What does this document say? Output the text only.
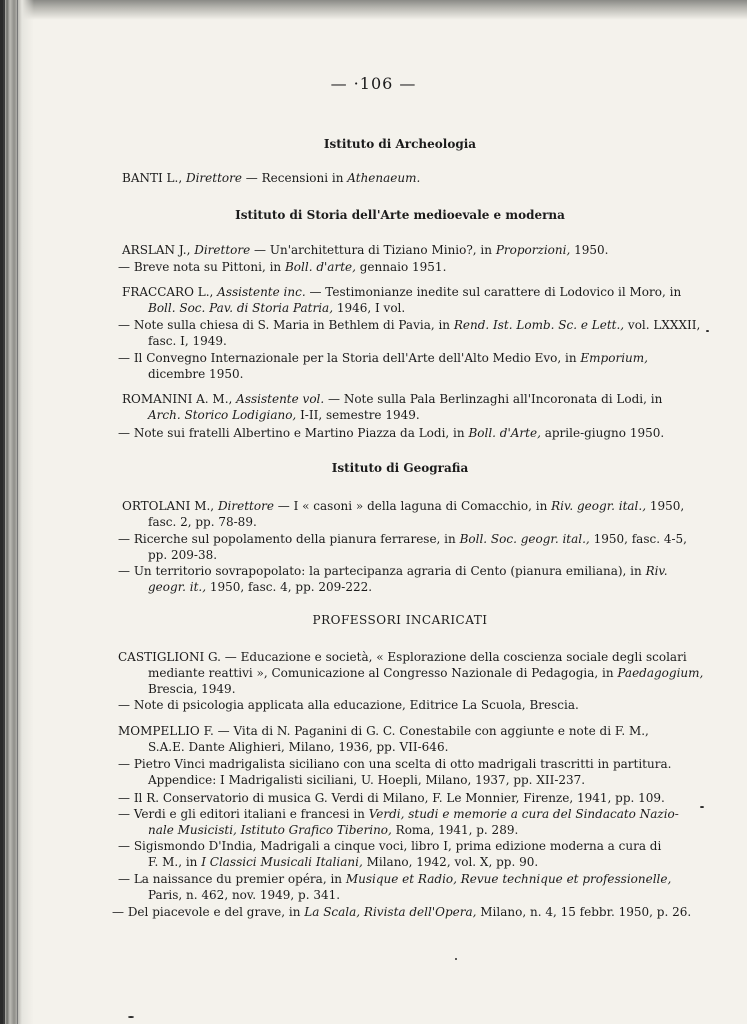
— ·106 —
Istituto di Archeologia
BANTI L., Direttore — Recensioni in Athenaeum.
Istituto di Storia dell'Arte medioevale e moderna
ARSLAN J., Direttore — Un'architettura di Tiziano Minio?, in Proporzioni, 1950.
— Breve nota su Pittoni, in Boll. d'arte, gennaio 1951.
FRACCARO L., Assistente inc. — Testimonianze inedite sul carattere di Lodovico il Moro, in
Boll. Soc. Pav. di Storia Patria, 1946, I vol.
— Note sulla chiesa di S. Maria in Bethlem di Pavia, in Rend. Ist. Lomb. Sc. e Lett., vol. LXXXII,
fasc. I, 1949.
— Il Convegno Internazionale per la Storia dell'Arte dell'Alto Medio Evo, in Emporium,
dicembre 1950.
ROMANINI A. M., Assistente vol. — Note sulla Pala Berlinzaghi all'Incoronata di Lodi, in
Arch. Storico Lodigiano, I-II, semestre 1949.
— Note sui fratelli Albertino e Martino Piazza da Lodi, in Boll. d'Arte, aprile-giugno 1950.
Istituto di Geografia
ORTOLANI M., Direttore — I « casoni » della laguna di Comacchio, in Riv. geogr. ital., 1950,
fasc. 2, pp. 78-89.
— Ricerche sul popolamento della pianura ferrarese, in Boll. Soc. geogr. ital., 1950, fasc. 4-5,
pp. 209-38.
— Un territorio sovrapopolato: la partecipanza agraria di Cento (pianura emiliana), in Riv.
geogr. it., 1950, fasc. 4, pp. 209-222.
PROFESSORI INCARICATI
CASTIGLIONI G. — Educazione e società, « Esplorazione della coscienza sociale degli scolari
mediante reattivi », Comunicazione al Congresso Nazionale di Pedagogia, in Paedagogium,
Brescia, 1949.
— Note di psicologia applicata alla educazione, Editrice La Scuola, Brescia.
MOMPELLIO F. — Vita di N. Paganini di G. C. Conestabile con aggiunte e note di F. M.,
S.A.E. Dante Alighieri, Milano, 1936, pp. VII-646.
— Pietro Vinci madrigalista siciliano con una scelta di otto madrigali trascritti in partitura.
Appendice: I Madrigalisti siciliani, U. Hoepli, Milano, 1937, pp. XII-237.
— Il R. Conservatorio di musica G. Verdi di Milano, F. Le Monnier, Firenze, 1941, pp. 109.
— Verdi e gli editori italiani e francesi in Verdi, studi e memorie a cura del Sindacato Nazio-
nale Musicisti, Istituto Grafico Tiberino, Roma, 1941, p. 289.
— Sigismondo D'India, Madrigali a cinque voci, libro I, prima edizione moderna a cura di
F. M., in I Classici Musicali Italiani, Milano, 1942, vol. X, pp. 90.
— La naissance du premier opéra, in Musique et Radio, Revue technique et professionelle,
Paris, n. 462, nov. 1949, p. 341.
— Del piacevole e del grave, in La Scala, Rivista dell'Opera, Milano, n. 4, 15 febbr. 1950, p. 26.
